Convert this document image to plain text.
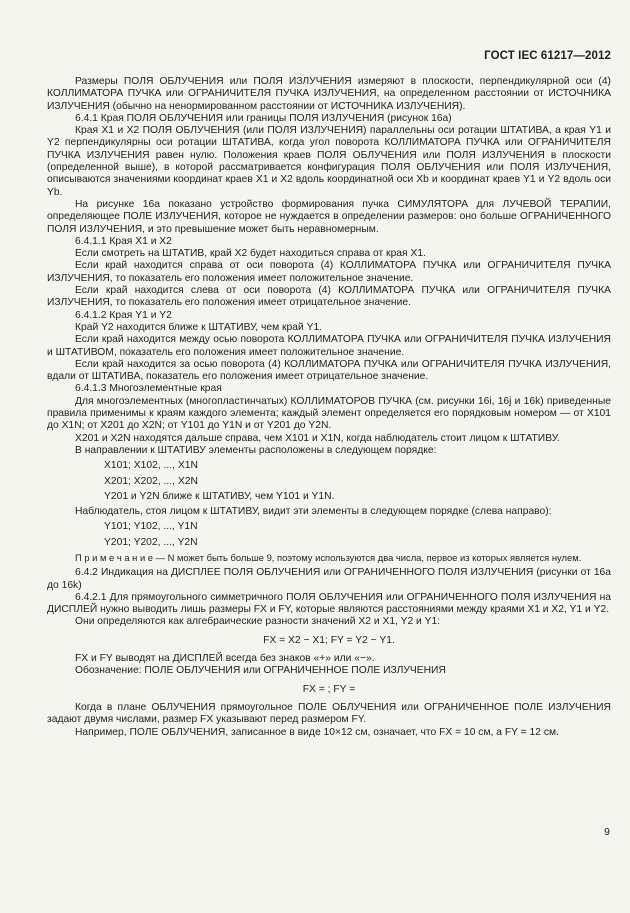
ГОСТ IEC 61217—2012

Размеры ПОЛЯ ОБЛУЧЕНИЯ или ПОЛЯ ИЗЛУЧЕНИЯ измеряют в плоскости, перпендикулярной оси (4) КОЛЛИМАТОРА ПУЧКА или ОГРАНИЧИТЕЛЯ ПУЧКА ИЗЛУЧЕНИЯ, на определенном расстоянии от ИСТОЧНИКА ИЗЛУЧЕНИЯ (обычно на ненормированном расстоянии от ИСТОЧНИКА ИЗЛУЧЕНИЯ).

6.4.1 Края ПОЛЯ ОБЛУЧЕНИЯ или границы ПОЛЯ ИЗЛУЧЕНИЯ (рисунок 16а)

Края X1 и X2 ПОЛЯ ОБЛУЧЕНИЯ (или ПОЛЯ ИЗЛУЧЕНИЯ) параллельны оси ротации ШТАТИВА, а края Y1 и Y2 перпендикулярны оси ротации ШТАТИВА, когда угол поворота КОЛЛИМАТОРА ПУЧКА или ОГРАНИЧИТЕЛЯ ПУЧКА ИЗЛУЧЕНИЯ равен нулю. Положения краев ПОЛЯ ОБЛУЧЕНИЯ или ПОЛЯ ИЗЛУЧЕНИЯ в плоскости (определенной выше), в которой рассматривается конфигурация ПОЛЯ ОБЛУЧЕНИЯ или ПОЛЯ ИЗЛУЧЕНИЯ, описываются значениями координат краев X1 и X2 вдоль координатной оси Xb и координат краев Y1 и Y2 вдоль оси Yb.

На рисунке 16а показано устройство формирования пучка СИМУЛЯТОРА для ЛУЧЕВОЙ ТЕРАПИИ, определяющее ПОЛЕ ИЗЛУЧЕНИЯ, которое не нуждается в определении размеров: оно больше ОГРАНИЧЕННОГО ПОЛЯ ИЗЛУЧЕНИЯ, и это превышение может быть неравномерным.

6.4.1.1 Края X1 и X2

Если смотреть на ШТАТИВ, край X2 будет находиться справа от края X1.

Если край находится справа от оси поворота (4) КОЛЛИМАТОРА ПУЧКА или ОГРАНИЧИТЕЛЯ ПУЧКА ИЗЛУЧЕНИЯ, то показатель его положения имеет положительное значение.

Если край находится слева от оси поворота (4) КОЛЛИМАТОРА ПУЧКА или ОГРАНИЧИТЕЛЯ ПУЧКА ИЗЛУЧЕНИЯ, то показатель его положения имеет отрицательное значение.

6.4.1.2 Края Y1 и Y2

Край Y2 находится ближе к ШТАТИВУ, чем край Y1.

Если край находится между осью поворота КОЛЛИМАТОРА ПУЧКА или ОГРАНИЧИТЕЛЯ ПУЧКА ИЗЛУЧЕНИЯ и ШТАТИВОМ, показатель его положения имеет положительное значение.

Если край находится за осью поворота (4) КОЛЛИМАТОРА ПУЧКА или ОГРАНИЧИТЕЛЯ ПУЧКА ИЗЛУЧЕНИЯ, вдали от ШТАТИВА, показатель его положения имеет отрицательное значение.

6.4.1.3 Многоэлементные края

Для многоэлементных (многопластинчатых) КОЛЛИМАТОРОВ ПУЧКА (см. рисунки 16i, 16j и 16k) приведенные правила применимы к краям каждого элемента; каждый элемент определяется его порядковым номером — от X101 до X1N; от X201 до X2N; от Y101 до Y1N и от Y201 до Y2N.

X201 и X2N находятся дальше справа, чем X101 и X1N, когда наблюдатель стоит лицом к ШТАТИВУ.

В направлении к ШТАТИВУ элементы расположены в следующем порядке:

X101; X102, ..., X1N

X201; X202, ..., X2N

Y201 и Y2N ближе к ШТАТИВУ, чем Y101 и Y1N.

Наблюдатель, стоя лицом к ШТАТИВУ, видит эти элементы в следующем порядке (слева направо):

Y101; Y102, ..., Y1N

Y201; Y202, ..., Y2N

П р и м е ч а н и е — N может быть больше 9, поэтому используются два числа, первое из которых является нулем.

6.4.2 Индикация на ДИСПЛЕЕ ПОЛЯ ОБЛУЧЕНИЯ или ОГРАНИЧЕННОГО ПОЛЯ ИЗЛУЧЕНИЯ (рисунки от 16а до 16k)

6.4.2.1 Для прямоугольного симметричного ПОЛЯ ОБЛУЧЕНИЯ или ОГРАНИЧЕННОГО ПОЛЯ ИЗЛУЧЕНИЯ на ДИСПЛЕЙ нужно выводить лишь размеры FX и FY, которые являются расстояниями между краями X1 и X2, Y1 и Y2.

Они определяются как алгебраические разности значений X2 и X1, Y2 и Y1:

FX = X2 − X1; FY = Y2 − Y1.

FX и FY выводят на ДИСПЛЕЙ всегда без знаков «+» или «−».

Обозначение: ПОЛЕ ОБЛУЧЕНИЯ или ОГРАНИЧЕННОЕ ПОЛЕ ИЗЛУЧЕНИЯ

FX = ; FY =

Когда в плане ОБЛУЧЕНИЯ прямоугольное ПОЛЕ ОБЛУЧЕНИЯ или ОГРАНИЧЕННОЕ ПОЛЕ ИЗЛУЧЕНИЯ задают двумя числами, размер FX указывают перед размером FY.

Например, ПОЛЕ ОБЛУЧЕНИЯ, записанное в виде 10×12 см, означает, что FX = 10 см, а FY = 12 см.

9
